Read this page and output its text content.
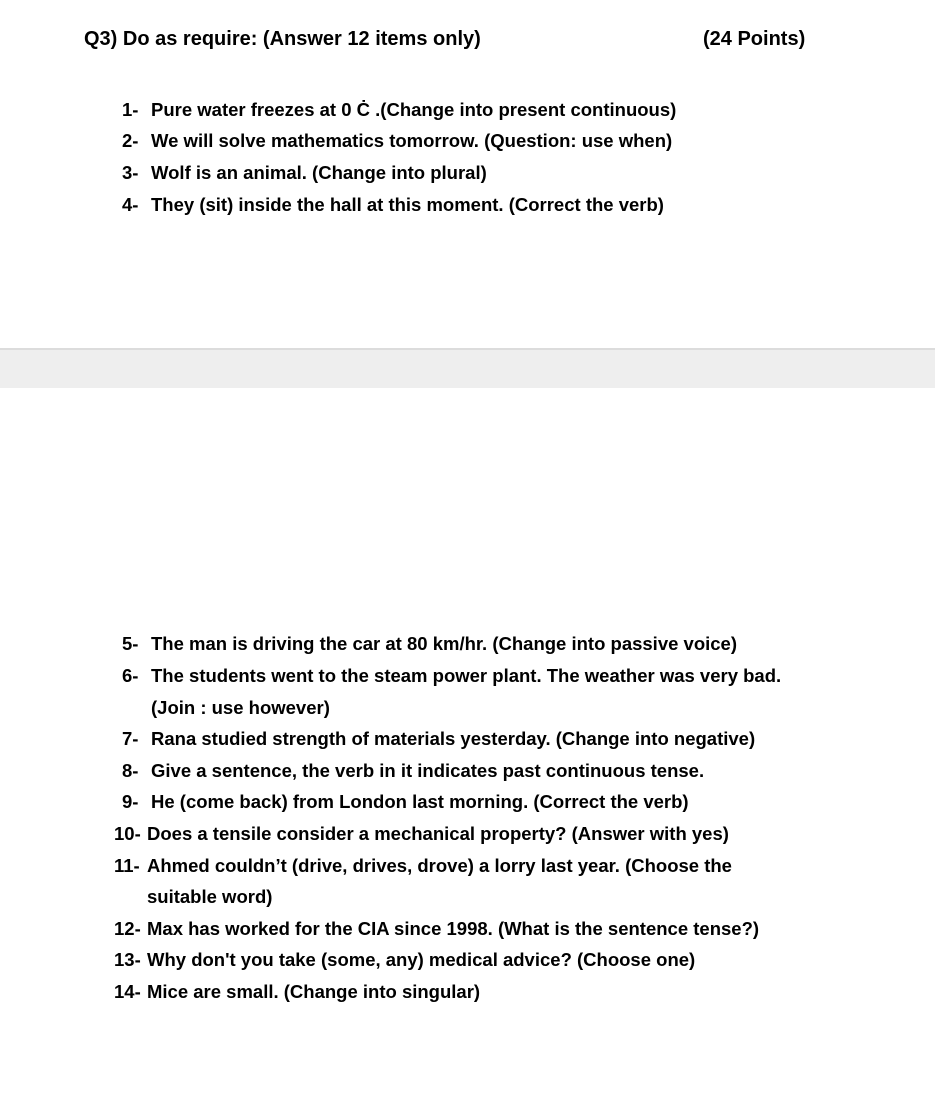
Q3) Do as require: (Answer 12 items only)	(24 Points)
1- Pure water freezes at 0 Ċ .(Change into present continuous)
2- We will solve mathematics tomorrow. (Question: use when)
3- Wolf is an animal. (Change into plural)
4- They (sit) inside the hall at this moment. (Correct the verb)
5- The man is driving the car at 80 km/hr. (Change into passive voice)
6- The students went to the steam power plant. The weather was very bad.
(Join : use however)
7- Rana studied strength of materials yesterday. (Change into negative)
8- Give a sentence, the verb in it indicates past continuous tense.
9- He (come back) from London last morning. (Correct the verb)
10- Does a tensile consider a mechanical property? (Answer with yes)
11- Ahmed couldn’t (drive, drives, drove) a lorry last year. (Choose the
suitable word)
12- Max has worked for the CIA since 1998. (What is the sentence tense?)
13- Why don't you take (some, any) medical advice? (Choose one)
14- Mice are small. (Change into singular)
